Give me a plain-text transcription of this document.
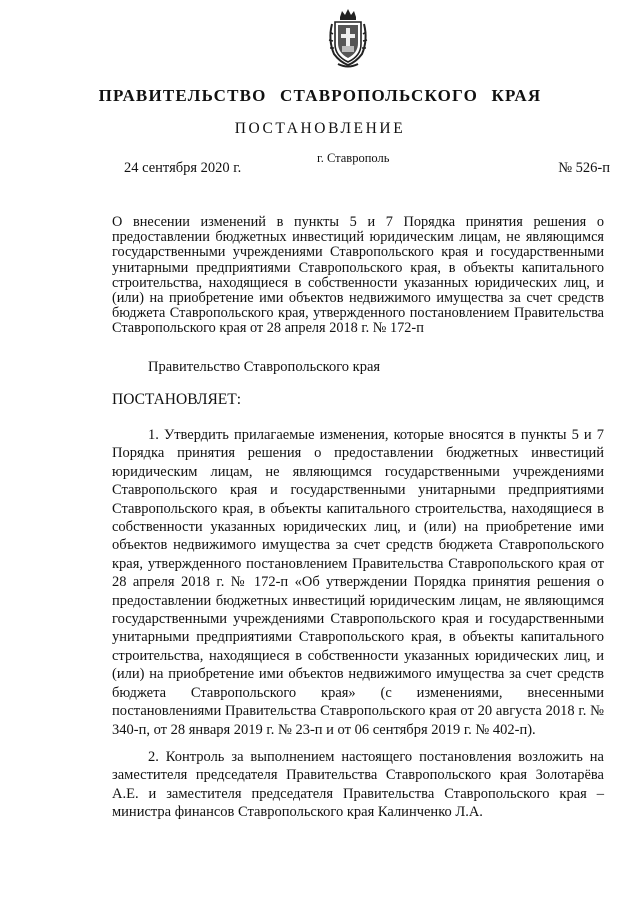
ПРАВИТЕЛЬСТВО СТАВРОПОЛЬСКОГО КРАЯ
ПОСТАНОВЛЕНИЕ
24 сентября 2020 г.
г. Ставрополь
№ 526-п
О внесении изменений в пункты 5 и 7 Порядка принятия решения о предоставлении бюджетных инвестиций юридическим лицам, не являющимся государственными учреждениями Ставропольского края и государственными унитарными предприятиями Ставропольского края, в объекты капитального строительства, находящиеся в собственности указанных юридических лиц, и (или) на приобретение ими объектов недвижимого имущества за счет средств бюджета Ставропольского края, утвержденного постановлением Правительства Ставропольского края от 28 апреля 2018 г. № 172-п
Правительство Ставропольского края
ПОСТАНОВЛЯЕТ:
1. Утвердить прилагаемые изменения, которые вносятся в пункты 5 и 7 Порядка принятия решения о предоставлении бюджетных инвестиций юридическим лицам, не являющимся государственными учреждениями Ставропольского края и государственными унитарными предприятиями Ставропольского края, в объекты капитального строительства, находящиеся в собственности указанных юридических лиц, и (или) на приобретение ими объектов недвижимого имущества за счет средств бюджета Ставропольского края, утвержденного постановлением Правительства Ставропольского края от 28 апреля 2018 г. № 172-п «Об утверждении Порядка принятия решения о предоставлении бюджетных инвестиций юридическим лицам, не являющимся государственными учреждениями Ставропольского края и государственными унитарными предприятиями Ставропольского края, в объекты капитального строительства, находящиеся в собственности указанных юридических лиц, и (или) на приобретение ими объектов недвижимого имущества за счет средств бюджета Ставропольского края» (с изменениями, внесенными постановлениями Правительства Ставропольского края от 20 августа 2018 г. № 340-п, от 28 января 2019 г. № 23-п и от 06 сентября 2019 г. № 402-п).
2. Контроль за выполнением настоящего постановления возложить на заместителя председателя Правительства Ставропольского края Золотарёва А.Е. и заместителя председателя Правительства Ставропольского края – министра финансов Ставропольского края Калинченко Л.А.
